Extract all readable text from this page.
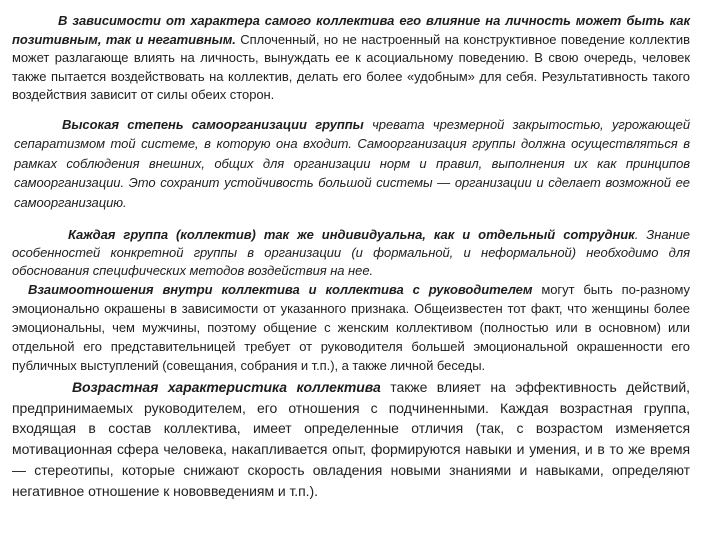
В зависимости от характера самого коллектива его влияние на личность может быть как позитивным, так и негативным. Сплоченный, но не настроенный на конструктивное поведение коллектив может разлагающе влиять на личность, вынуждать ее к асоциальному поведению. В свою очередь, человек также пытается воздействовать на коллектив, делать его более «удобным» для себя. Результативность такого воздействия зависит от силы обеих сторон.

Высокая степень самоорганизации группы чревата чрезмерной закрытостью, угрожающей сепаратизмом той системе, в которую она входит. Самоорганизация группы должна осуществляться в рамках соблюдения внешних, общих для организации норм и правил, выполнения их как принципов самоорганизации. Это сохранит устойчивость большой системы — организации и сделает возможной ее самоорганизацию.

Каждая группа (коллектив) так же индивидуальна, как и отдельный сотрудник. Знание особенностей конкретной группы в организации (и формальной, и неформальной) необходимо для обоснования специфических методов воздействия на нее.

Взаимоотношения внутри коллектива и коллектива с руководителем могут быть по-разному эмоционально окрашены в зависимости от указанного признака. Общеизвестен тот факт, что женщины более эмоциональны, чем мужчины, поэтому общение с женским коллективом (полностью или в основном) или отдельной его представительницей требует от руководителя большей эмоциональной окрашенности его публичных выступлений (совещания, собрания и т.п.), а также личной беседы.

Возрастная характеристика коллектива также влияет на эффективность действий, предпринимаемых руководителем, его отношения с подчиненными. Каждая возрастная группа, входящая в состав коллектива, имеет определенные отличия (так, с возрастом изменяется мотивационная сфера человека, накапливается опыт, формируются навыки и умения, и в то же время — стереотипы, которые снижают скорость овладения новыми знаниями и навыками, определяют негативное отношение к нововведениям и т.п.).
